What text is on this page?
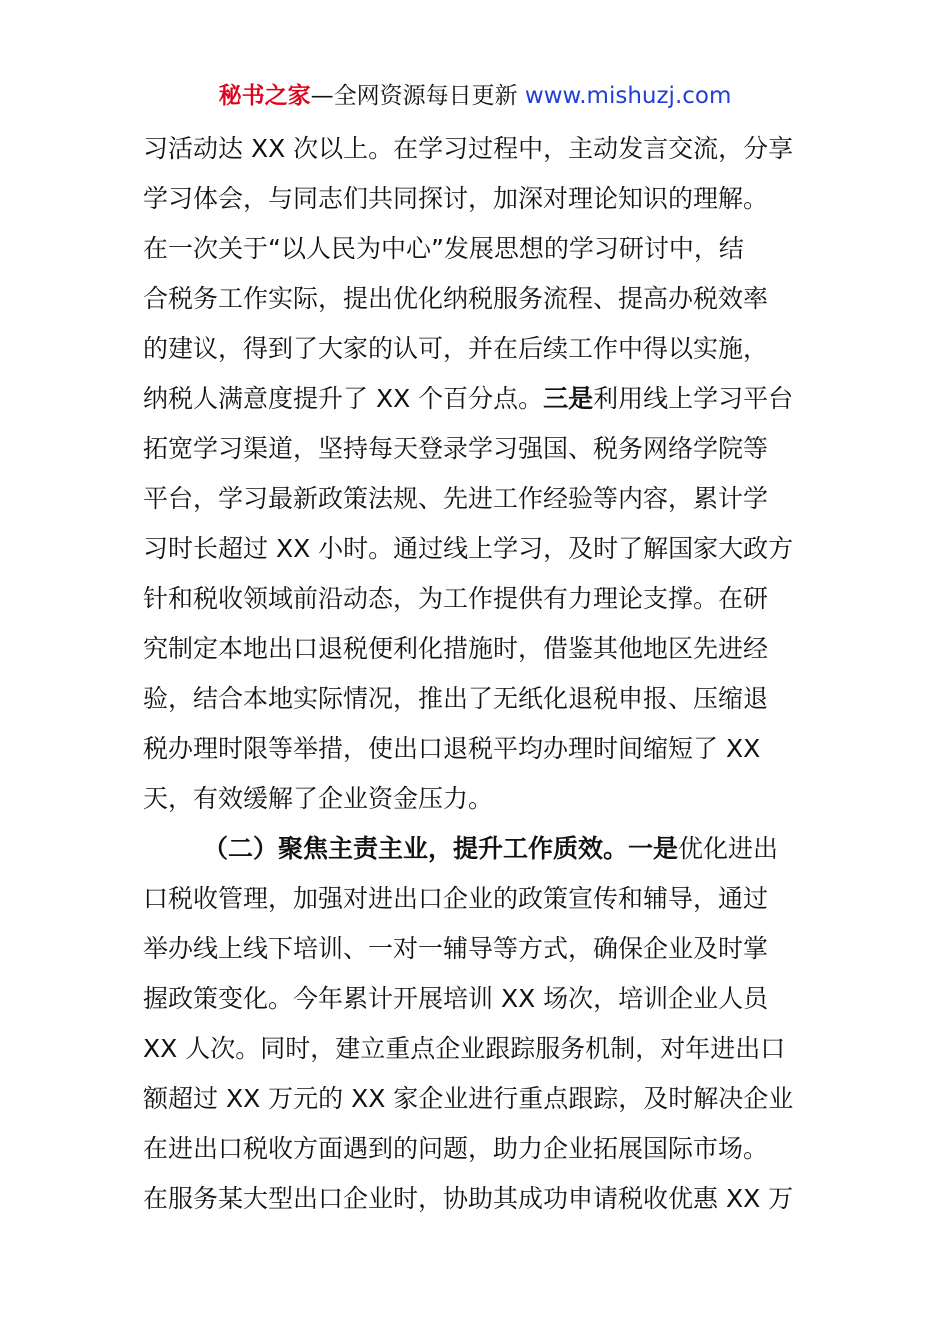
秘书之家—全网资源每日更新 www.mishuzj.com
习活动达 XX 次以上。在学习过程中，主动发言交流，分享
学习体会，与同志们共同探讨，加深对理论知识的理解。
在一次关于“以人民为中心”发展思想的学习研讨中，结
合税务工作实际，提出优化纳税服务流程、提高办税效率
的建议，得到了大家的认可，并在后续工作中得以实施，
纳税人满意度提升了 XX 个百分点。三是利用线上学习平台
拓宽学习渠道，坚持每天登录学习强国、税务网络学院等
平台，学习最新政策法规、先进工作经验等内容，累计学
习时长超过 XX 小时。通过线上学习，及时了解国家大政方
针和税收领域前沿动态，为工作提供有力理论支撑。在研
究制定本地出口退税便利化措施时，借鉴其他地区先进经
验，结合本地实际情况，推出了无纸化退税申报、压缩退
税办理时限等举措，使出口退税平均办理时间缩短了 XX
天，有效缓解了企业资金压力。
（二）聚焦主责主业，提升工作质效。一是优化进出
口税收管理，加强对进出口企业的政策宣传和辅导，通过
举办线上线下培训、一对一辅导等方式，确保企业及时掌
握政策变化。今年累计开展培训 XX 场次，培训企业人员
XX 人次。同时，建立重点企业跟踪服务机制，对年进出口
额超过 XX 万元的 XX 家企业进行重点跟踪，及时解决企业
在进出口税收方面遇到的问题，助力企业拓展国际市场。
在服务某大型出口企业时，协助其成功申请税收优惠 XX 万
